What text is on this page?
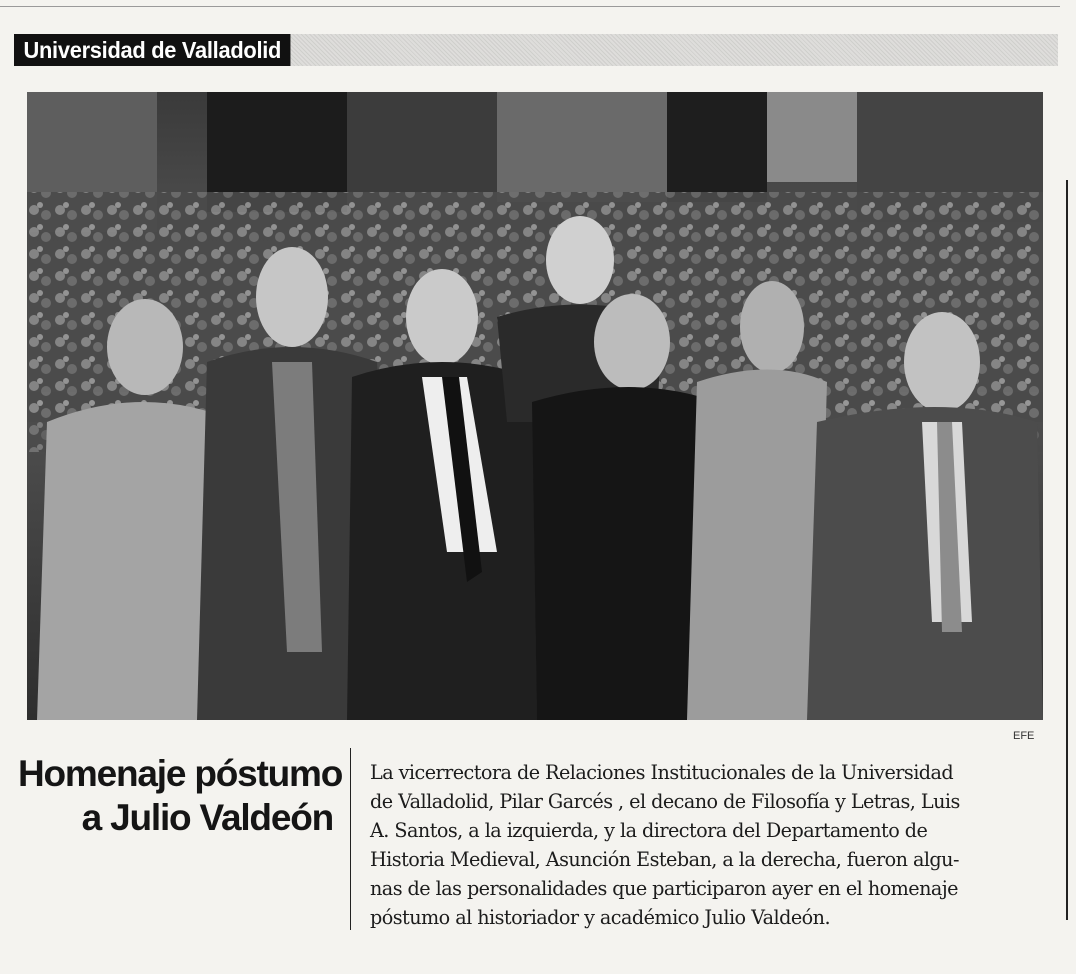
Universidad de Valladolid
EFE
Homenaje póstumo
a Julio Valdeón

La vicerrectora de Relaciones Institucionales de la Universidad
de Valladolid, Pilar Garcés , el decano de Filosofía y Letras, Luis
A. Santos, a la izquierda, y la directora del Departamento de
Historia Medieval, Asunción Esteban, a la derecha, fueron algu-
nas de las personalidades que participaron ayer en el homenaje
póstumo al historiador y académico Julio Valdeón.
